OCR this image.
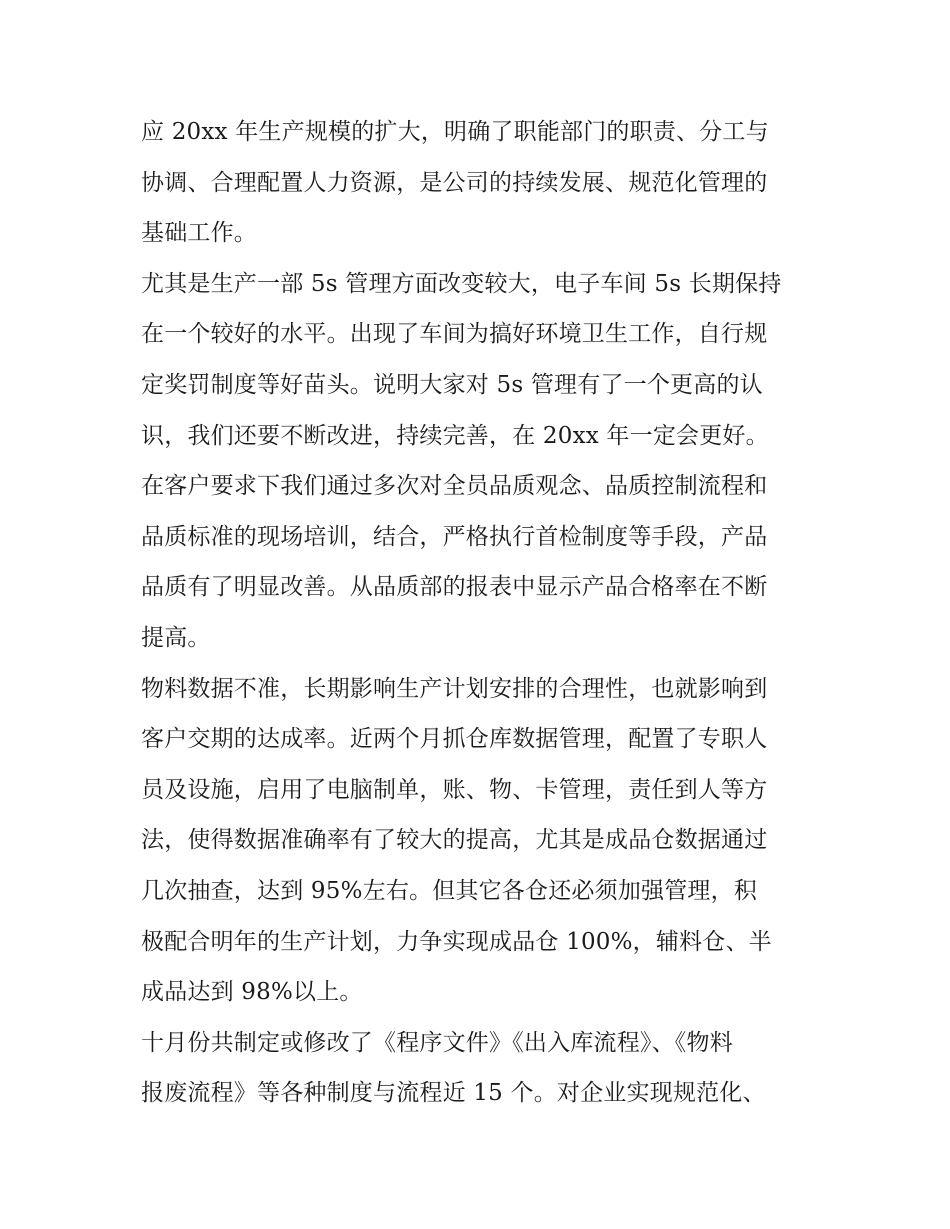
应 20xx 年生产规模的扩大，明确了职能部门的职责、分工与
协调、合理配置人力资源，是公司的持续发展、规范化管理的
基础工作。
尤其是生产一部 5s 管理方面改变较大，电子车间 5s 长期保持
在一个较好的水平。出现了车间为搞好环境卫生工作，自行规
定奖罚制度等好苗头。说明大家对 5s 管理有了一个更高的认
识，我们还要不断改进，持续完善，在 20xx 年一定会更好。
在客户要求下我们通过多次对全员品质观念、品质控制流程和
品质标准的现场培训，结合，严格执行首检制度等手段，产品
品质有了明显改善。从品质部的报表中显示产品合格率在不断
提高。
物料数据不准，长期影响生产计划安排的合理性，也就影响到
客户交期的达成率。近两个月抓仓库数据管理，配置了专职人
员及设施，启用了电脑制单，账、物、卡管理，责任到人等方
法，使得数据准确率有了较大的提高，尤其是成品仓数据通过
几次抽查，达到 95%左右。但其它各仓还必须加强管理，积
极配合明年的生产计划，力争实现成品仓 100%，辅料仓、半
成品达到 98%以上。
十月份共制定或修改了《程序文件》《出入库流程》、《物料
报废流程》等各种制度与流程近 15 个。对企业实现规范化、
